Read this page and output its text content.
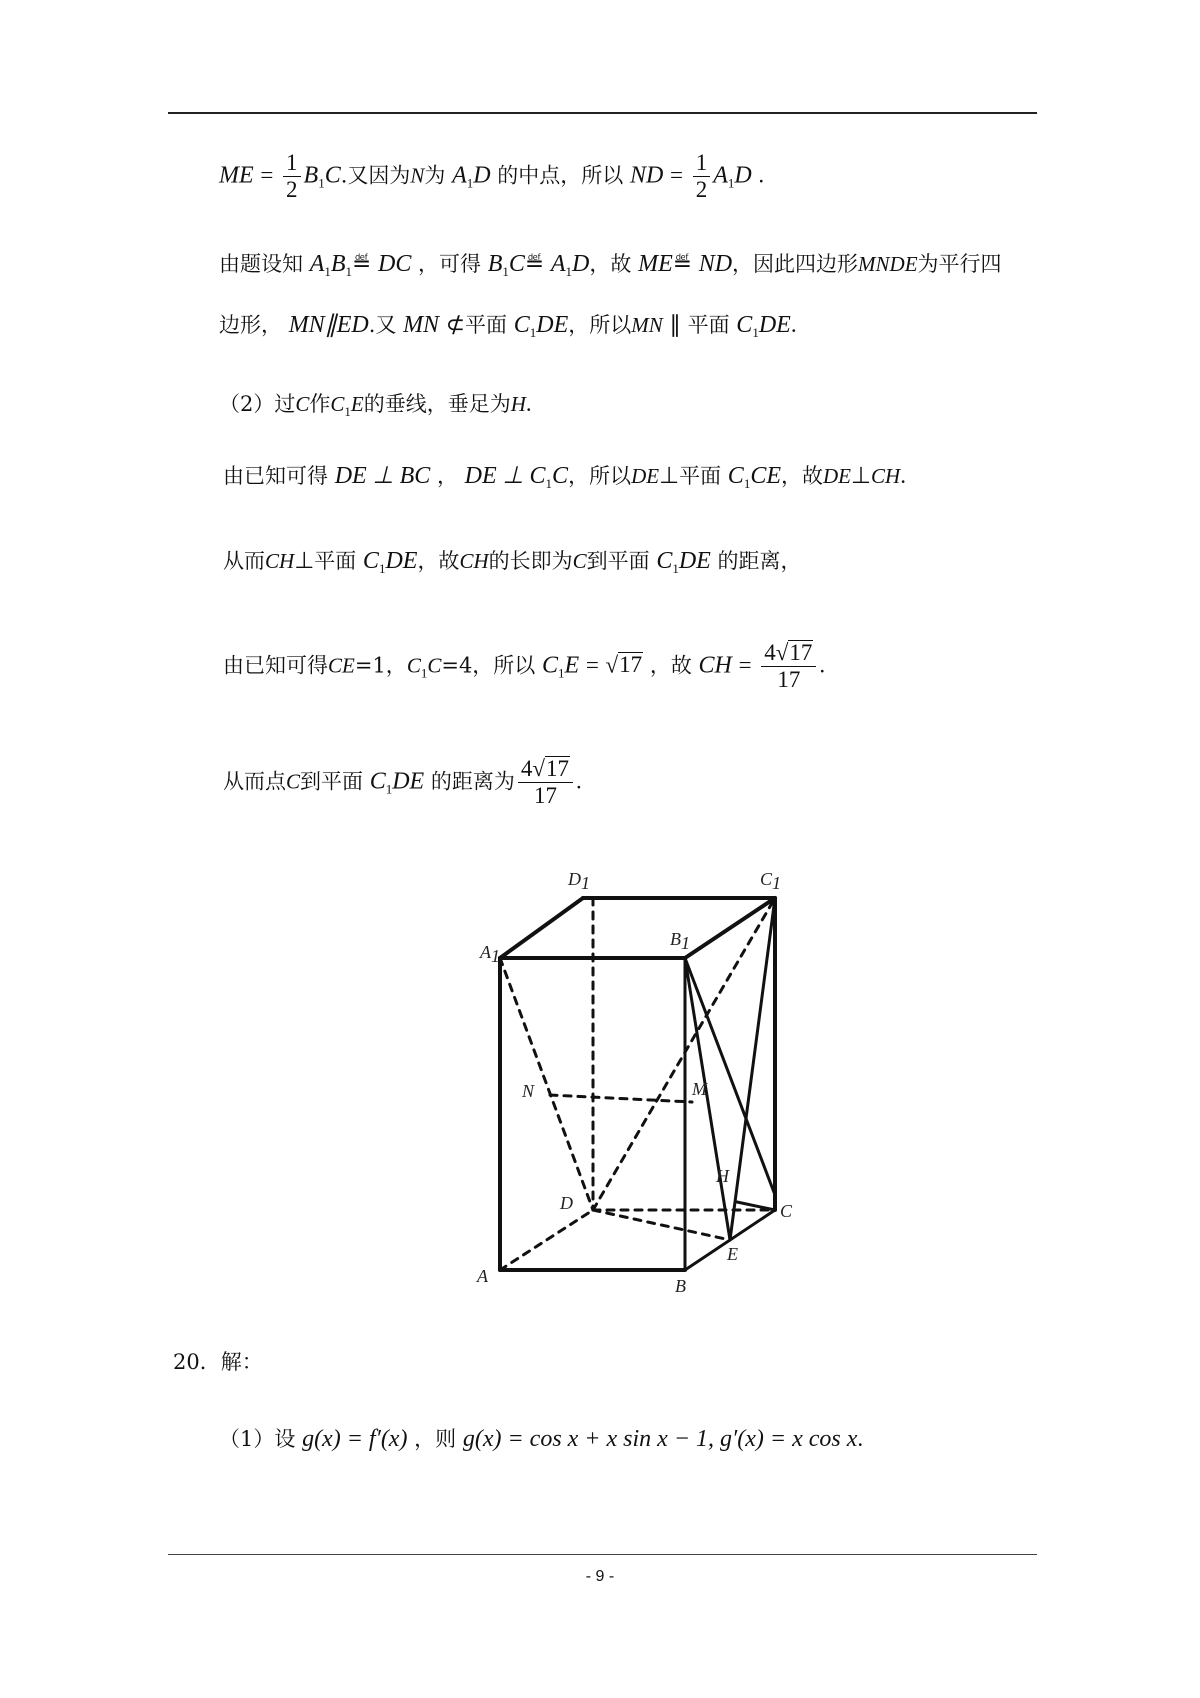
ME = $\frac{1}{2} B_1C$.又因为N为 $A_1D$ 的中点，所以 ND = $\frac{1}{2} A_1D$ .
由题设知 $A_1B_1≝$ DC ，可得 $B_1C≝$ $A_1D$，故 ME≝ ND，因此四边形MNDE为平行四
边形， MN∥ED.又 MN ⊄平面 $C_1DE$，所以MN ∥ 平面 $C_1DE$.
（2）过C作$C_1E$的垂线，垂足为H.
由已知可得 DE ⊥ BC ， DE ⊥ $C_1C$，所以DE⊥平面 $C_1CE$，故DE⊥CH.
从而CH⊥平面 $C_1DE$，故CH的长即为C到平面 $C_1DE$ 的距离，
由已知可得CE=1，$C_1C=4$，所以 $C_1E = √17$ ，故 CH = $\frac{4√17}{17}$ .
从而点C到平面 $C_1DE$ 的距离为 $\frac{4√17}{17}$ .
D1	C1
A1
B1
N	M
H
D	C
E
A	B
20．解：
（1）设 g(x) = f′(x) ，则 g(x) = cos x + x sin x − 1, g′(x) = x cos x.
- 9 -
